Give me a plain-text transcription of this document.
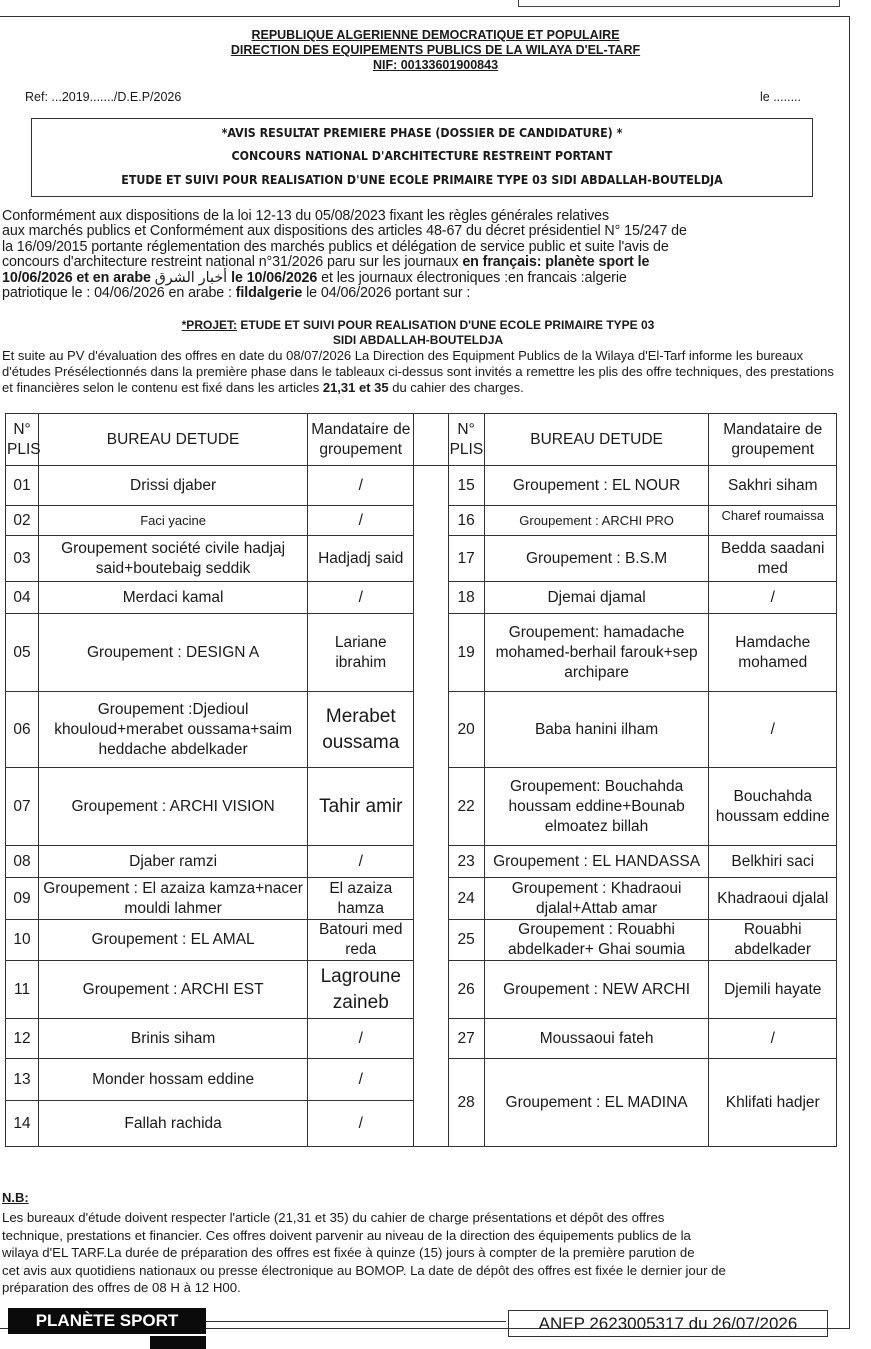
REPUBLIQUE ALGERIENNE DEMOCRATIQUE ET POPULAIRE
DIRECTION DES EQUIPEMENTS PUBLICS DE LA WILAYA D'EL-TARF
NIF: 00133601900843
Ref: ...2019......./D.E.P/2026	le ........
*AVIS RESULTAT PREMIERE PHASE (DOSSIER DE CANDIDATURE) *
CONCOURS NATIONAL D'ARCHITECTURE RESTREINT PORTANT
ETUDE ET SUIVI POUR REALISATION D'UNE ECOLE PRIMAIRE TYPE 03 SIDI ABDALLAH-BOUTELDJA
Conformément aux dispositions de la loi 12-13 du 05/08/2023 fixant les règles générales relatives
aux marchés publics et Conformément aux dispositions des articles 48-67 du décret présidentiel N° 15/247 de
la 16/09/2015 portante réglementation des marchés publics et délégation de service public et suite l'avis de
concours d'architecture restreint national n°31/2026 paru sur les journaux en français: planète sport le
10/06/2026 et en arabe أخبار الشرق le 10/06/2026 et les journaux électroniques :en francais :algerie
patriotique le : 04/06/2026 en arabe : fildalgerie le 04/06/2026 portant sur :
*PROJET: ETUDE ET SUIVI POUR REALISATION D'UNE ECOLE PRIMAIRE TYPE 03
SIDI ABDALLAH-BOUTELDJA
Et suite au PV d'évaluation des offres en date du 08/07/2026 La Direction des Equipment Publics de la Wilaya d'El-Tarf informe les bureaux d'études Présélectionnés dans la première phase dans le tableaux ci-dessus sont invités a remettre les plis des offre techniques, des prestations et financières selon le contenu est fixé dans les articles 21,31 et 35 du cahier des charges.
N° PLIS	BUREAU DETUDE	Mandataire de groupement		N° PLIS	BUREAU DETUDE	Mandataire de groupement
01	Drissi djaber	/		15	Groupement : EL NOUR	Sakhri siham
02	Faci yacine	/		16	Groupement : ARCHI PRO	Charef roumaissa
03	Groupement société civile hadjaj said+boutebaig seddik	Hadjadj said		17	Groupement : B.S.M	Bedda saadani med
04	Merdaci kamal	/		18	Djemai djamal	/
05	Groupement : DESIGN A	Lariane ibrahim		19	Groupement: hamadache mohamed-berhail farouk+sep archipare	Hamdache mohamed
06	Groupement :Djedioul khouloud+merabet oussama+saim heddache abdelkader	Merabet oussama		20	Baba hanini ilham	/
07	Groupement : ARCHI VISION	Tahir amir		22	Groupement: Bouchahda houssam eddine+Bounab elmoatez billah	Bouchahda houssam eddine
08	Djaber ramzi	/		23	Groupement : EL HANDASSA	Belkhiri saci
09	Groupement : El azaiza kamza+nacer mouldi lahmer	El azaiza hamza		24	Groupement : Khadraoui djalal+Attab amar	Khadraoui djalal
10	Groupement : EL AMAL	Batouri med reda		25	Groupement : Rouabhi abdelkader+ Ghai soumia	Rouabhi abdelkader
11	Groupement : ARCHI EST	Lagroune zaineb		26	Groupement : NEW ARCHI	Djemili hayate
12	Brinis siham	/		27	Moussaoui fateh	/
13	Monder hossam eddine	/		28	Groupement : EL MADINA	Khlifati hadjer
14	Fallah rachida	/				
N.B:
Les bureaux d'étude doivent respecter l'article (21,31 et 35) du cahier de charge présentations et dépôt des offres
technique, prestations et financier. Ces offres doivent parvenir au niveau de la direction des équipements publics de la
wilaya d'EL TARF.La durée de préparation des offres est fixée à quinze (15) jours à compter de la première parution de
cet avis aux quotidiens nationaux ou presse électronique au BOMOP. La date de dépôt des offres est fixée le dernier jour de
préparation des offres de 08 H à 12 H00.
PLANÈTE SPORT	ANEP 2623005317 du 26/07/2026
